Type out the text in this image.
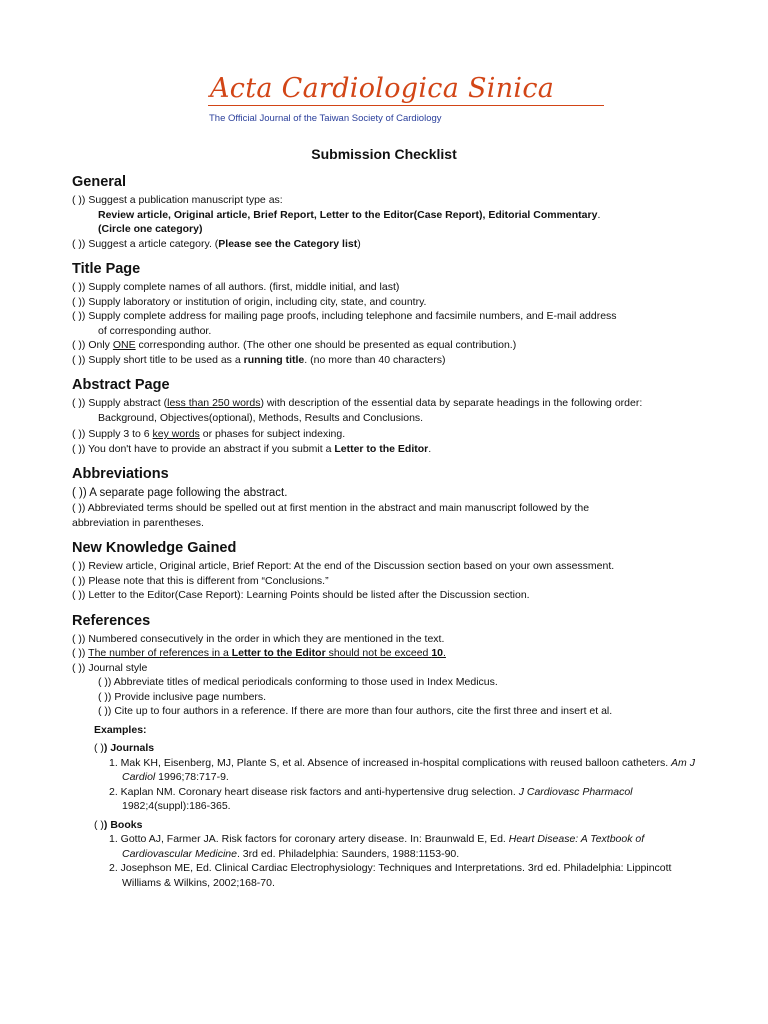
Acta Cardiologica Sinica
The Official Journal of the Taiwan Society of Cardiology
Submission Checklist
General
( )) Suggest a publication manuscript type as:
Review article, Original article, Brief Report, Letter to the Editor(Case Report), Editorial Commentary.
(Circle one category)
( )) Suggest a article category. (Please see the Category list)
Title Page
( )) Supply complete names of all authors. (first, middle initial, and last)
( )) Supply laboratory or institution of origin, including city, state, and country.
( )) Supply complete address for mailing page proofs, including telephone and facsimile numbers, and E-mail address
of corresponding author.
( )) Only ONE corresponding author. (The other one should be presented as equal contribution.)
( )) Supply short title to be used as a running title. (no more than 40 characters)
Abstract Page
( )) Supply abstract (less than 250 words) with description of the essential data by separate headings in the following order:
Background, Objectives(optional), Methods, Results and Conclusions.
( )) Supply 3 to 6 key words or phases for subject indexing.
( )) You don't have to provide an abstract if you submit a Letter to the Editor.
Abbreviations
( )) A separate page following the abstract.
( )) Abbreviated terms should be spelled out at first mention in the abstract and main manuscript followed by the
abbreviation in parentheses.
New Knowledge Gained
( )) Review article, Original article, Brief Report: At the end of the Discussion section based on your own assessment.
( )) Please note that this is different from “Conclusions.”
( )) Letter to the Editor(Case Report): Learning Points should be listed after the Discussion section.
References
( )) Numbered consecutively in the order in which they are mentioned in the text.
( )) The number of references in a Letter to the Editor should not be exceed 10.
( )) Journal style
( )) Abbreviate titles of medical periodicals conforming to those used in Index Medicus.
( )) Provide inclusive page numbers.
( )) Cite up to four authors in a reference. If there are more than four authors, cite the first three and insert et al.
Examples:
( )) Journals
1. Mak KH, Eisenberg, MJ, Plante S, et al. Absence of increased in-hospital complications with reused balloon catheters. Am J Cardiol 1996;78:717-9.
2. Kaplan NM. Coronary heart disease risk factors and anti-hypertensive drug selection. J Cardiovasc Pharmacol 1982;4(suppl):186-365.
( )) Books
1. Gotto AJ, Farmer JA. Risk factors for coronary artery disease. In: Braunwald E, Ed. Heart Disease: A Textbook of Cardiovascular Medicine. 3rd ed. Philadelphia: Saunders, 1988:1153-90.
2. Josephson ME, Ed. Clinical Cardiac Electrophysiology: Techniques and Interpretations. 3rd ed. Philadelphia: Lippincott Williams & Wilkins, 2002;168-70.
